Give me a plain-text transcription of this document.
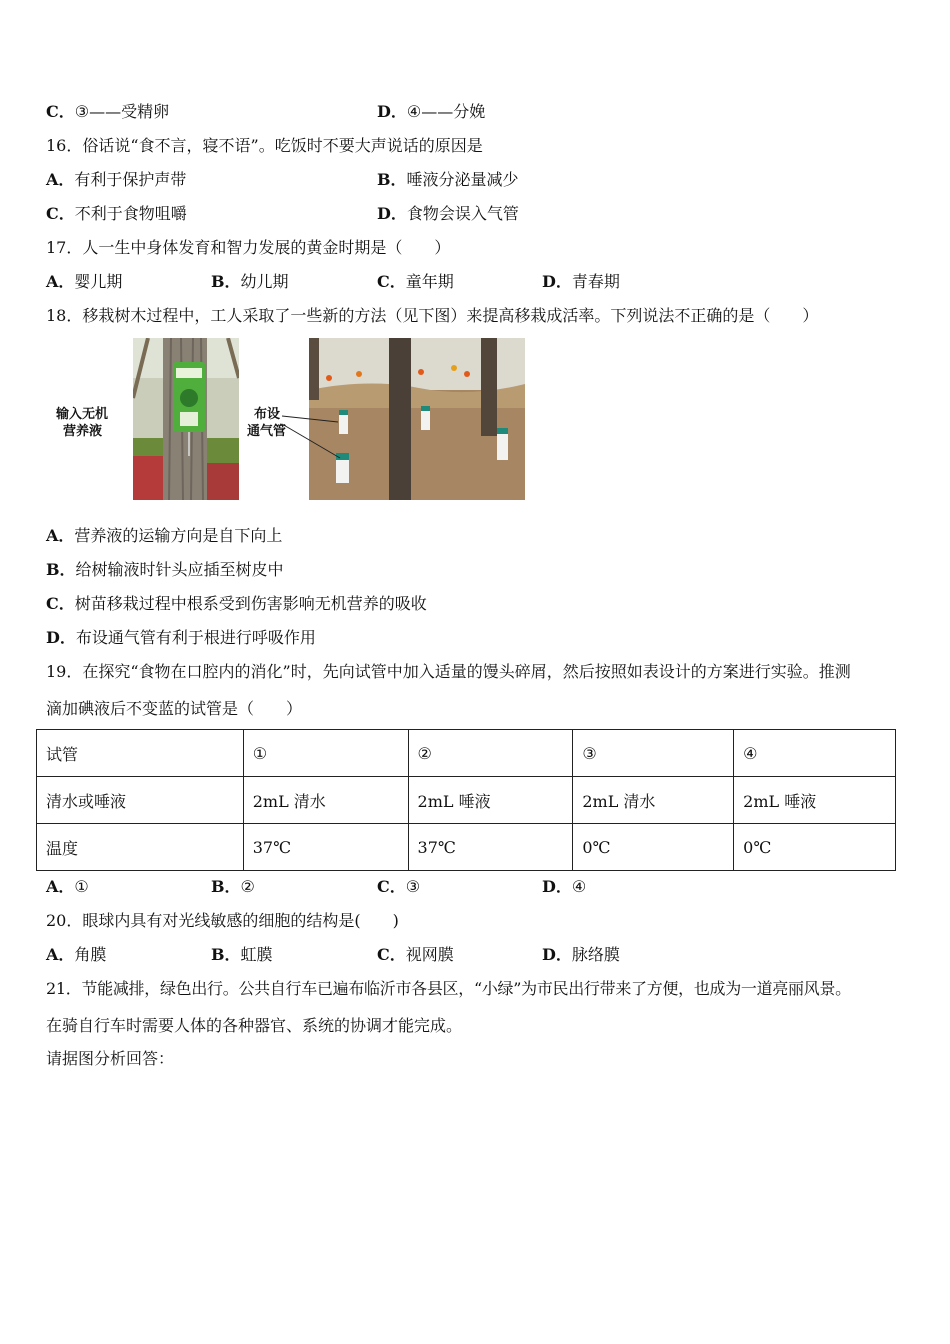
C．③——受精卵	D．④——分娩
16．俗话说“食不言，寝不语”。吃饭时不要大声说话的原因是
A．有利于保护声带	B．唾液分泌量减少
C．不利于食物咀嚼	D．食物会误入气管
17．人一生中身体发育和智力发展的黄金时期是（　　）
A．婴儿期	B．幼儿期	C．童年期	D．青春期
18．移栽树木过程中，工人采取了一些新的方法（见下图）来提高移栽成活率。下列说法不正确的是（　　）
输入无机
营养液
布设
通气管
A．营养液的运输方向是自下向上
B．给树输液时针头应插至树皮中
C．树苗移栽过程中根系受到伤害影响无机营养的吸收
D．布设通气管有利于根进行呼吸作用
19．在探究“食物在口腔内的消化”时，先向试管中加入适量的馒头碎屑，然后按照如表设计的方案进行实验。推测
滴加碘液后不变蓝的试管是（　　）
试管	①	②	③	④
清水或唾液	2mL 清水	2mL 唾液	2mL 清水	2mL 唾液
温度	37℃	37℃	0℃	0℃
A．①	B．②	C．③	D．④
20．眼球内具有对光线敏感的细胞的结构是(　　)
A．角膜	B．虹膜	C．视网膜	D．脉络膜
21．节能减排，绿色出行。公共自行车已遍布临沂市各县区，“小绿”为市民出行带来了方便，也成为一道亮丽风景。
在骑自行车时需要人体的各种器官、系统的协调才能完成。
请据图分析回答：
